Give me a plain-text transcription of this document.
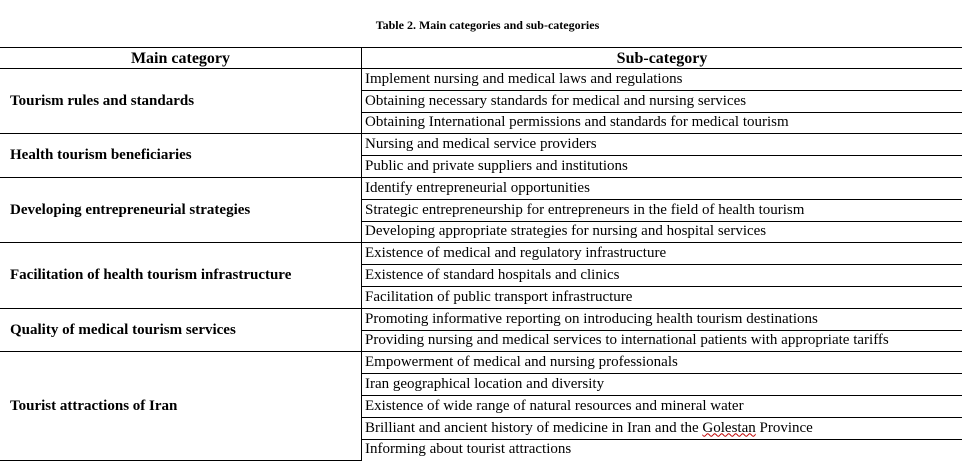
Table 2. Main categories and sub-categories
Main category	Sub-category
Tourism rules and standards	Implement nursing and medical laws and regulations
	Obtaining necessary standards for medical and nursing services
	Obtaining International permissions and standards for medical tourism
Health tourism beneficiaries	Nursing and medical service providers
	Public and private suppliers and institutions
Developing entrepreneurial strategies	Identify entrepreneurial opportunities
	Strategic entrepreneurship for entrepreneurs in the field of health tourism
	Developing appropriate strategies for nursing and hospital services
Facilitation of health tourism infrastructure	Existence of medical and regulatory infrastructure
	Existence of standard hospitals and clinics
	Facilitation of public transport infrastructure
Quality of medical tourism services	Promoting informative reporting on introducing health tourism destinations
	Providing nursing and medical services to international patients with appropriate tariffs
Tourist attractions of Iran	Empowerment of medical and nursing professionals
	Iran geographical location and diversity
	Existence of wide range of natural resources and mineral water
	Brilliant and ancient history of medicine in Iran and the Golestan Province
	Informing about tourist attractions
